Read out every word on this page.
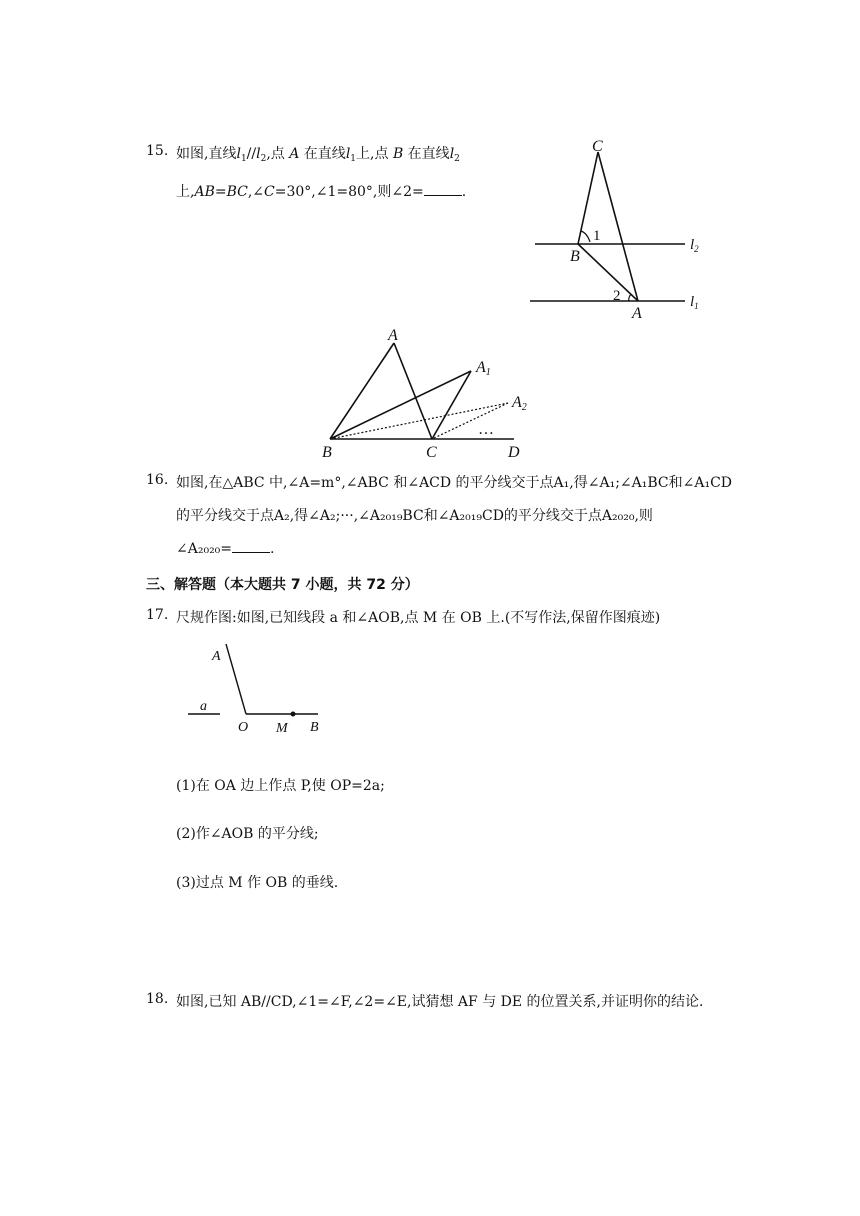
15. 如图,直线$l_1//l_2$,点 A 在直线$l_1$上,点 B 在直线$l_2$
上,AB=BC,∠C=30°,∠1=80°,则∠2=	.
C
B
A
1
2
$l_2$
$l_1$
A
A1
A2
B	C	D
…
16. 如图,在△ABC 中,∠A=m°,∠ABC 和∠ACD 的平分线交于点A₁,得∠A₁;∠A₁BC和∠A₁CD
的平分线交于点A₂,得∠A₂;···,∠A₂₀₁₉BC和∠A₂₀₁₉CD的平分线交于点A₂₀₂₀,则
∠A₂₀₂₀=	.
三、解答题（本大题共 7 小题，共 72 分）
17. 尺规作图:如图,已知线段 a 和∠AOB,点 M 在 OB 上.(不写作法,保留作图痕迹)
A
a
O M B
(1)在 OA 边上作点 P,使 OP=2a;
(2)作∠AOB 的平分线;
(3)过点 M 作 OB 的垂线.
18. 如图,已知 AB//CD,∠1=∠F,∠2=∠E,试猜想 AF 与 DE 的位置关系,并证明你的结论.
